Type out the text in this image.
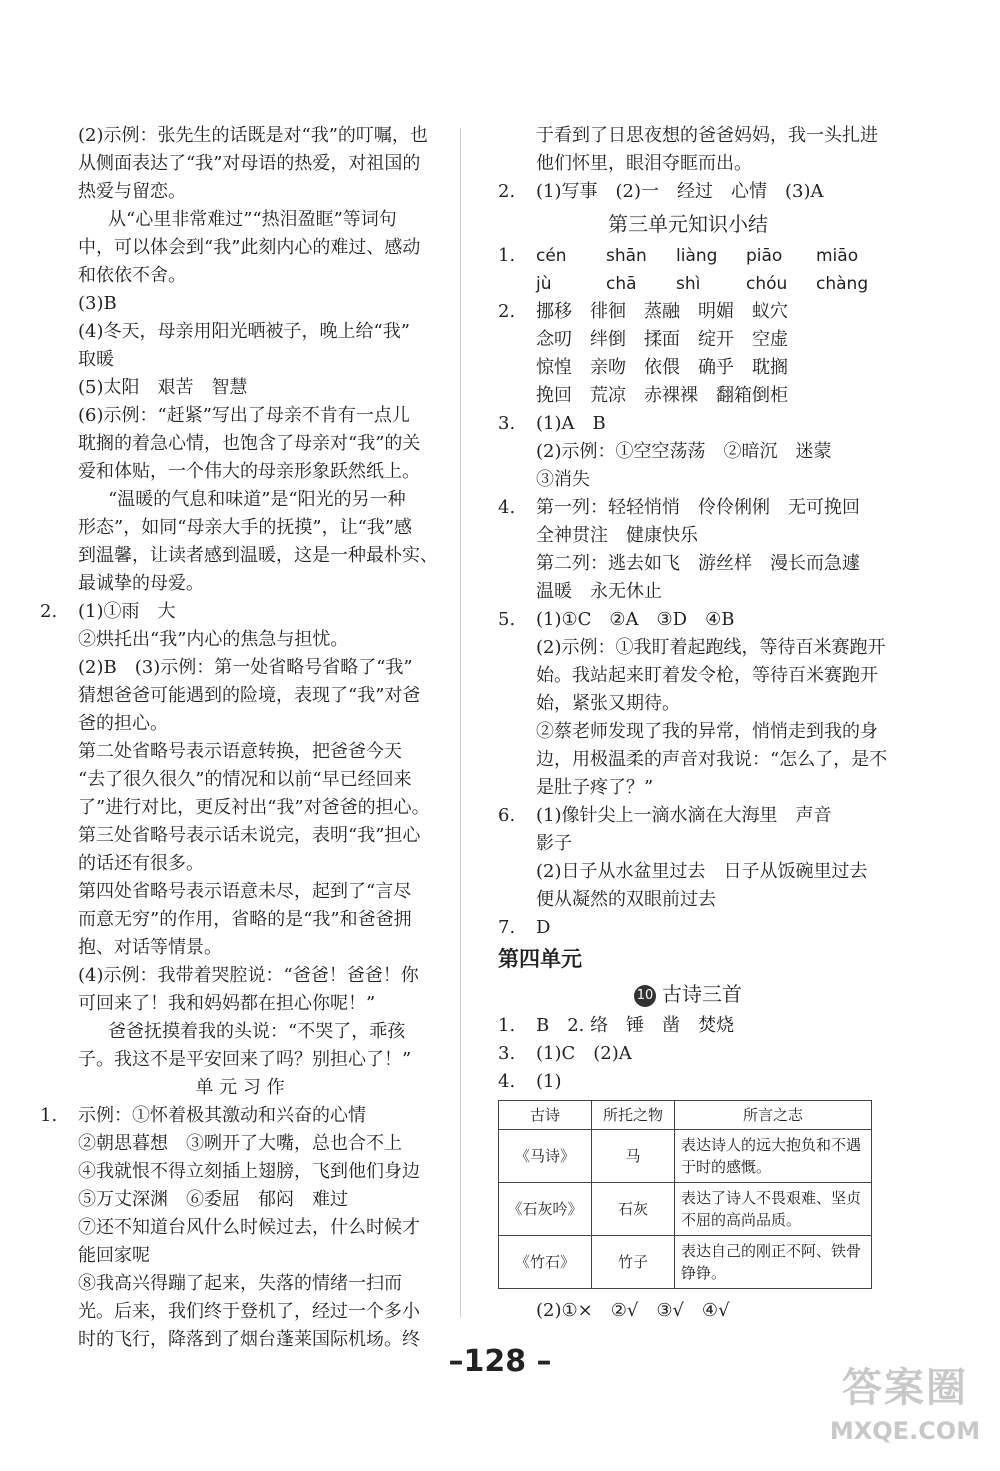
(2)示例：张先生的话既是对“我”的叮嘱，也
从侧面表达了“我”对母语的热爱，对祖国的
热爱与留恋。
从“心里非常难过”“热泪盈眶”等词句
中，可以体会到“我”此刻内心的难过、感动
和依依不舍。
(3)B
(4)冬天，母亲用阳光晒被子，晚上给“我”
取暖
(5)太阳　艰苦　智慧
(6)示例：“赶紧”写出了母亲不肯有一点儿
耽搁的着急心情，也饱含了母亲对“我”的关
爱和体贴，一个伟大的母亲形象跃然纸上。
“温暖的气息和味道”是“阳光的另一种
形态”，如同“母亲大手的抚摸”，让“我”感
到温馨，让读者感到温暖，这是一种最朴实、
最诚挚的母爱。
2. (1)①雨　大
②烘托出“我”内心的焦急与担忧。
(2)B　(3)示例：第一处省略号省略了“我”
猜想爸爸可能遇到的险境，表现了“我”对爸
爸的担心。
第二处省略号表示语意转换，把爸爸今天
“去了很久很久”的情况和以前“早已经回来
了”进行对比，更反衬出“我”对爸爸的担心。
第三处省略号表示话未说完，表明“我”担心
的话还有很多。
第四处省略号表示语意未尽，起到了“言尽
而意无穷”的作用，省略的是“我”和爸爸拥
抱、对话等情景。
(4)示例：我带着哭腔说：“爸爸！爸爸！你
可回来了！我和妈妈都在担心你呢！”
爸爸抚摸着我的头说：“不哭了，乖孩
子。我这不是平安回来了吗？别担心了！”
单 元 习 作
1. 示例：①怀着极其激动和兴奋的心情
②朝思暮想　③咧开了大嘴，总也合不上
④我就恨不得立刻插上翅膀，飞到他们身边
⑤万丈深渊　⑥委屈　郁闷　难过
⑦还不知道台风什么时候过去，什么时候才
能回家呢
⑧我高兴得蹦了起来，失落的情绪一扫而
光。后来，我们终于登机了，经过一个多小
时的飞行，降落到了烟台蓬莱国际机场。终
于看到了日思夜想的爸爸妈妈，我一头扎进
他们怀里，眼泪夺眶而出。
2. (1)写事　(2)一　经过　心情　(3)A
第三单元知识小结
1. cén shān liàng piāo miāo
jù	chā shì	chóu chàng
2. 挪移　徘徊　蒸融　明媚　蚁穴
念叨　绊倒　揉面　绽开　空虚
惊惶　亲吻　依偎　确乎　耽搁
挽回　荒凉　赤裸裸　翻箱倒柜
3. (1)A　B
(2)示例：①空空荡荡　②暗沉　迷蒙
③消失
4. 第一列：轻轻悄悄　伶伶俐俐　无可挽回
全神贯注　健康快乐
第二列：逃去如飞　游丝样　漫长而急遽
温暖　永无休止
5. (1)①C　②A　③D　④B
(2)示例：①我盯着起跑线，等待百米赛跑开
始。我站起来盯着发令枪，等待百米赛跑开
始，紧张又期待。
②蔡老师发现了我的异常，悄悄走到我的身
边，用极温柔的声音对我说：“怎么了，是不
是肚子疼了？”
6. (1)像针尖上一滴水滴在大海里　声音
影子
(2)日子从水盆里过去　日子从饭碗里过去
便从凝然的双眼前过去
7. D
第四单元
10 古诗三首
1. B　2. 络　锤　凿　焚烧
3. (1)C　(2)A
4. (1)
古诗	所托之物	所言之志
《马诗》	马	表达诗人的远大抱负和不遇于时的感慨。
《石灰吟》	石灰	表达了诗人不畏艰难、坚贞不屈的高尚品质。
《竹石》	竹子	表达自己的刚正不阿、铁骨铮铮。
(2)①×　②√　③√　④√
–128 –
答案圈
MXQE.COM
